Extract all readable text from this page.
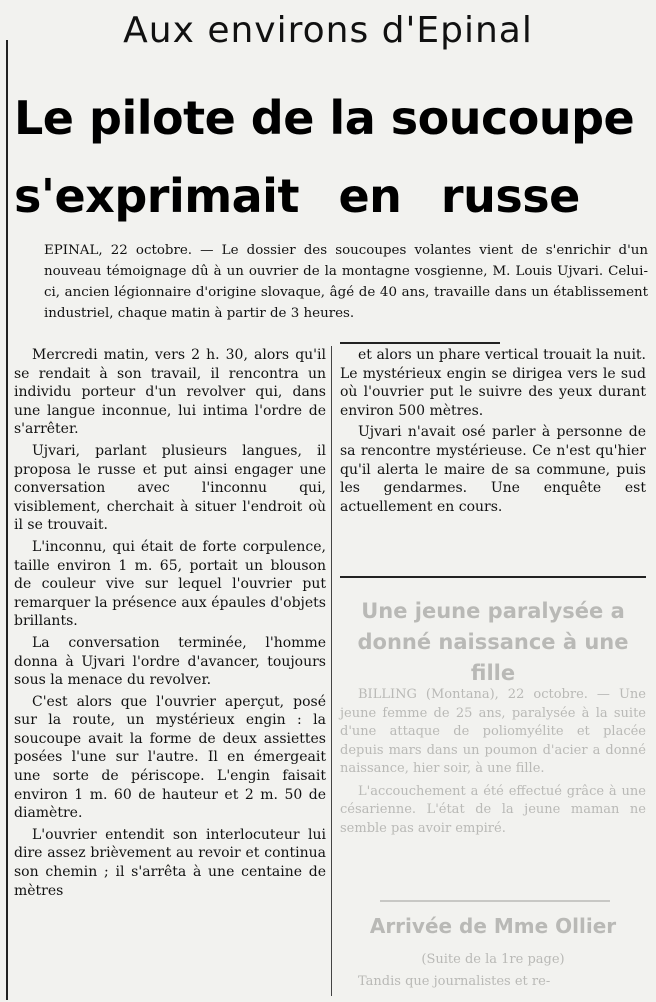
Aux environs d'Epinal
Le pilote de la soucoupe
s'exprimait en russe
EPINAL, 22 octobre. — Le dossier des soucoupes volantes vient de s'enrichir d'un nouveau témoignage dû à un ouvrier de la montagne vosgienne, M. Louis Ujvari. Celui-ci, ancien légionnaire d'origine slovaque, âgé de 40 ans, travaille dans un établissement industriel, chaque matin à partir de 3 heures.

Mercredi matin, vers 2 h. 30, alors qu'il se rendait à son travail, il rencontra un individu porteur d'un revolver qui, dans une langue inconnue, lui intima l'ordre de s'arrêter.

Ujvari, parlant plusieurs langues, il proposa le russe et put ainsi engager une conversation avec l'inconnu qui, visiblement, cherchait à situer l'endroit où il se trouvait.

L'inconnu, qui était de forte corpulence, taille environ 1 m. 65, portait un blouson de couleur vive sur lequel l'ouvrier put remarquer la présence aux épaules d'objets brillants.

La conversation terminée, l'homme donna à Ujvari l'ordre d'avancer, toujours sous la menace du revolver.

C'est alors que l'ouvrier aperçut, posé sur la route, un mystérieux engin : la soucoupe avait la forme de deux assiettes posées l'une sur l'autre. Il en émergeait une sorte de périscope. L'engin faisait environ 1 m. 60 de hauteur et 2 m. 50 de diamètre.

L'ouvrier entendit son interlocuteur lui dire assez brièvement au revoir et continua son chemin ; il s'arrêta à une centaine de mètres

et alors un phare vertical trouait la nuit. Le mystérieux engin se dirigea vers le sud où l'ouvrier put le suivre des yeux durant environ 500 mètres.

Ujvari n'avait osé parler à personne de sa rencontre mystérieuse. Ce n'est qu'hier qu'il alerta le maire de sa commune, puis les gendarmes. Une enquête est actuellement en cours.

Une jeune paralysée a donné naissance à une fille

BILLING (Montana), 22 octobre. — Une jeune femme de 25 ans, paralysée à la suite d'une attaque de poliomyélite et placée depuis mars dans un poumon d'acier a donné naissance, hier soir, à une fille.

L'accouchement a été effectué grâce à une césarienne. L'état de la jeune maman ne semble pas avoir empiré.

Arrivée de Mme Ollier
(Suite de la 1re page)
Tandis que journalistes et re-
